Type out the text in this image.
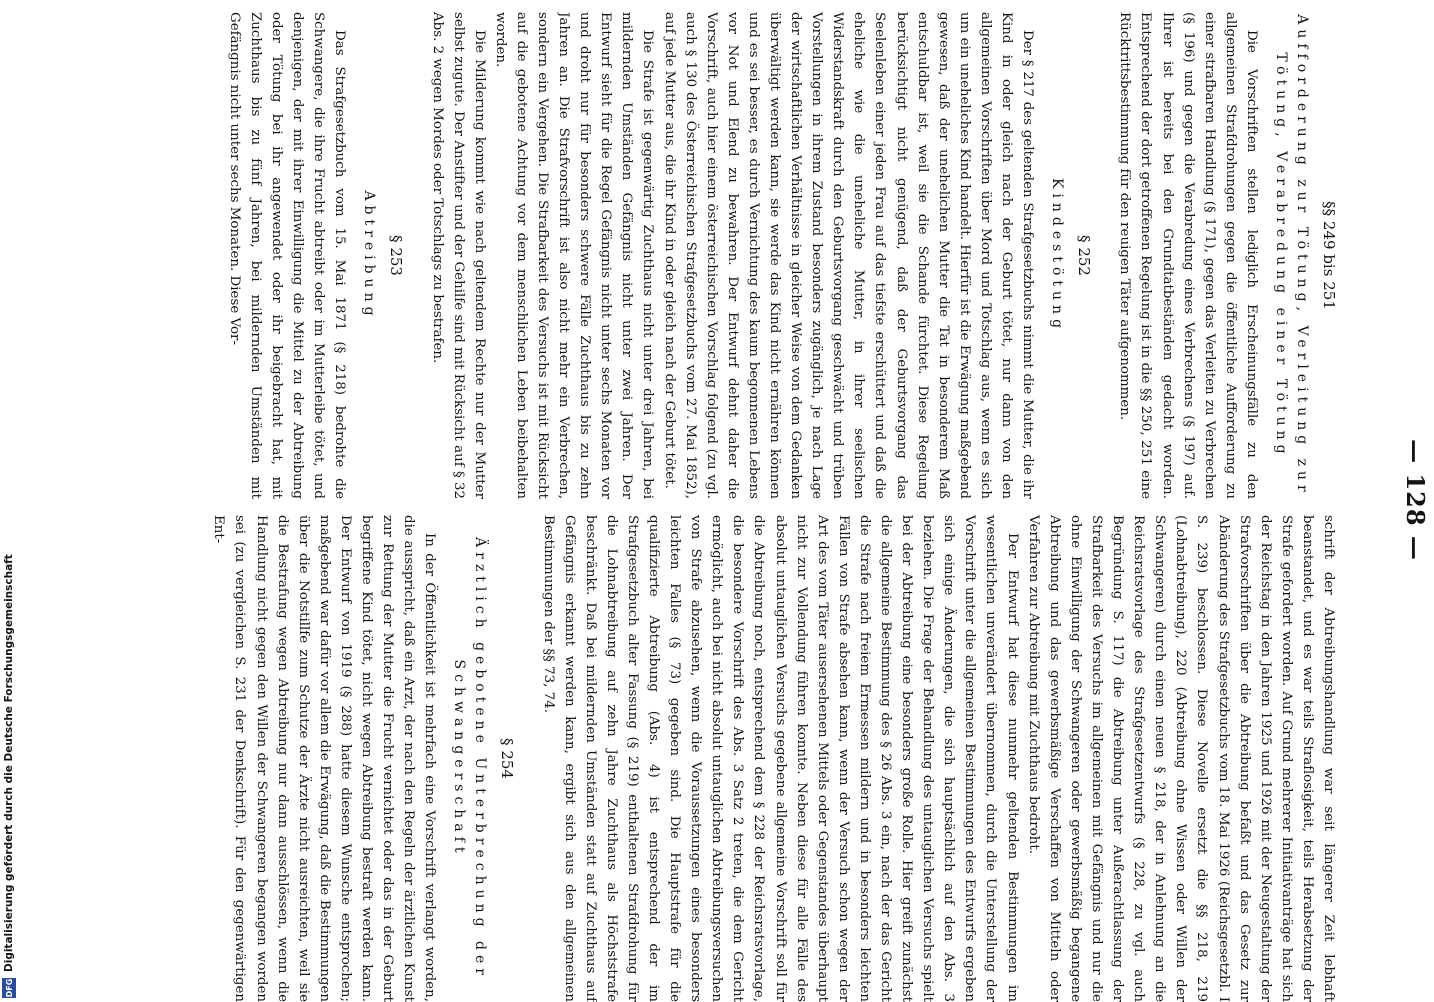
— 128 —
§§ 249 bis 251
Aufforderung zur Tötung, Verleitung zur Tötung, Verabredung einer Tötung

Die Vorschriften stellen lediglich Erscheinungsfälle zu den allgemeinen Strafdrohungen gegen die öffentliche Aufforderung zu einer strafbaren Handlung (§ 171), gegen das Verleiten zu Verbrechen (§ 196) und gegen die Verabredung eines Verbrechens (§ 197) auf. Ihrer ist bereits bei den Grundtatbeständen gedacht worden. Entsprechend der dort getroffenen Regelung ist in die §§ 250, 251 eine Rücktrittsbestimmung für den reuigen Täter aufgenommen.

§ 252
Kindestötung

Der § 217 des geltenden Strafgesetzbuchs nimmt die Mutter, die ihr Kind in oder gleich nach der Geburt tötet, nur dann von den allgemeinen Vorschriften über Mord und Totschlag aus, wenn es sich um ein uneheliches Kind handelt. Hierfür ist die Erwägung maßgebend gewesen, daß der unehelichen Mutter die Tat in besonderem Maß entschuldbar ist, weil sie die Schande fürchtet. Diese Regelung berücksichtigt nicht genügend, daß der Geburtsvorgang das Seelenleben einer jeden Frau auf das tiefste erschüttert und daß die eheliche wie die uneheliche Mutter, in ihrer seelischen Widerstandskraft durch den Geburtsvorgang geschwächt und trüben Vorstellungen in ihrem Zustand besonders zugänglich, je nach Lage der wirtschaftlichen Verhältnisse in gleicher Weise von dem Gedanken überwältigt werden kann, sie werde das Kind nicht ernähren können und es sei besser, es durch Vernichtung des kaum begonnenen Lebens vor Not und Elend zu bewahren. Der Entwurf dehnt daher die Vorschrift, auch hier einem österreichischen Vorschlag folgend (zu vgl. auch § 130 des Österreichischen Strafgesetzbuchs vom 27. Mai 1852), auf jede Mutter aus, die ihr Kind in oder gleich nach der Geburt tötet.

Die Strafe ist gegenwärtig Zuchthaus nicht unter drei Jahren, bei mildernden Umständen Gefängnis nicht unter zwei Jahren. Der Entwurf sieht für die Regel Gefängnis nicht unter sechs Monaten vor und droht nur für besonders schwere Fälle Zuchthaus bis zu zehn Jahren an. Die Strafvorschrift ist also nicht mehr ein Verbrechen, sondern ein Vergehen. Die Strafbarkeit des Versuchs ist mit Rücksicht auf die gebotene Achtung vor dem menschlichen Leben beibehalten worden.

Die Milderung kommt wie nach geltendem Rechte nur der Mutter selbst zugute. Der Anstifter und der Gehilfe sind mit Rücksicht auf § 32 Abs. 2 wegen Mordes oder Totschlags zu bestrafen.

§ 253
Abtreibung

Das Strafgesetzbuch vom 15. Mai 1871 (§ 218) bedrohte die Schwangere, die ihre Frucht abtreibt oder im Mutterleibe tötet, und denjenigen, der mit ihrer Einwilligung die Mittel zu der Abtreibung oder Tötung bei ihr angewendet oder ihr beigebracht hat, mit Zuchthaus bis zu fünf Jahren, bei mildernden Umständen mit Gefängnis nicht unter sechs Monaten. Diese Vor-

schrift der Abtreibungshandlung war seit längerer Zeit lebhaft beanstandet, und es war teils Straflosigkeit, teils Herabsetzung der Strafe gefordert worden. Auf Grund mehrerer Initiativanträge hat sich der Reichstag in den Jahren 1925 und 1926 mit der Neugestaltung der Strafvorschriften über die Abtreibung befaßt und das Gesetz zur Abänderung des Strafgesetzbuchs vom 18. Mai 1926 (Reichsgesetzbl. I S. 239) beschlossen. Diese Novelle ersetzt die §§ 218, 219 (Lohnabtreibung), 220 (Abtreibung ohne Wissen oder Willen der Schwangeren) durch einen neuen § 218, der in Anlehnung an die Reichsratsvorlage des Strafgesetzentwurfs (§ 228, zu vgl. auch Begründung S. 117) die Abtreibung unter Außerachtlassung der Strafbarkeit des Versuchs im allgemeinen mit Gefängnis und nur die ohne Einwilligung der Schwangeren oder gewerbsmäßig begangene Abtreibung und das gewerbsmäßige Verschaffen von Mitteln oder Verfahren zur Abtreibung mit Zuchthaus bedroht.

Der Entwurf hat diese nunmehr geltenden Bestimmungen im wesentlichen unverändert übernommen, durch die Unterstellung der Vorschrift unter die allgemeinen Bestimmungen des Entwurfs ergeben sich einige Änderungen, die sich hauptsächlich auf den Abs. 3 beziehen. Die Frage der Behandlung des untauglichen Versuchs spielt bei der Abtreibung eine besonders große Rolle. Hier greift zunächst die allgemeine Bestimmung des § 26 Abs. 3 ein, nach der das Gericht die Strafe nach freiem Ermessen mildern und in besonders leichten Fällen von Strafe absehen kann, wenn der Versuch schon wegen der Art des vom Täter ausersehenen Mittels oder Gegenstandes überhaupt nicht zur Vollendung führen konnte. Neben diese für alle Fälle des absolut untauglichen Versuchs gegebene allgemeine Vorschrift soll für die Abtreibung noch, entsprechend dem § 228 der Reichsratsvorlage, die besondere Vorschrift des Abs. 3 Satz 2 treten, die dem Gericht ermöglicht, auch bei nicht absolut untauglichen Abtreibungsversuchen von Strafe abzusehen, wenn die Voraussetzungen eines besonders leichten Falles (§ 73) gegeben sind. Die Hauptstrafe für die qualifizierte Abtreibung (Abs. 4) ist entsprechend der im Strafgesetzbuch alter Fassung (§ 219) enthaltenen Strafdrohung für die Lohnabtreibung auf zehn Jahre Zuchthaus als Höchststrafe beschränkt. Daß bei mildernden Umständen statt auf Zuchthaus auf Gefängnis erkannt werden kann, ergibt sich aus den allgemeinen Bestimmungen der §§ 73, 74.

§ 254
Ärztlich gebotene Unterbrechung der Schwangerschaft

In der Öffentlichkeit ist mehrfach eine Vorschrift verlangt worden, die ausspricht, daß ein Arzt, der nach den Regeln der ärztlichen Kunst zur Rettung der Mutter die Frucht vernichtet oder das in der Geburt begriffene Kind tötet, nicht wegen Abtreibung bestraft werden kann. Der Entwurf von 1919 (§ 288) hatte diesem Wunsche entsprochen; maßgebend war dafür vor allem die Erwägung, daß die Bestimmungen über die Notstillfe zum Schutze der Ärzte nicht ausreichten, weil sie die Bestrafung wegen Abtreibung nur dann ausschlössen, wenn die Handlung nicht gegen den Willen der Schwangeren begangen worden sei (zu vergleichen S. 231 der Denkschrift). Für den gegenwärtigen Ent-

DFG
Digitalisierung gefördert durch die Deutsche Forschungsgemeinschaft
